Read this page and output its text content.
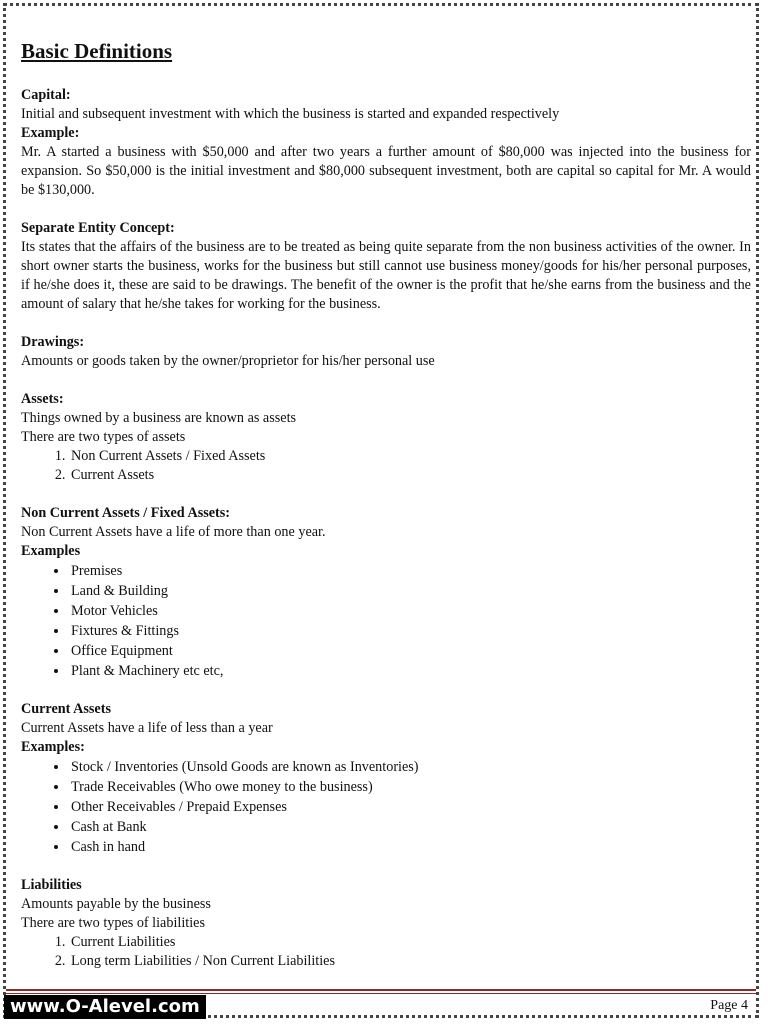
Basic Definitions

Capital:

Initial and subsequent investment with which the business is started and expanded respectively

Example:

Mr. A started a business with $50,000 and after two years a further amount of $80,000 was injected into the business for expansion. So $50,000 is the initial investment and $80,000 subsequent investment, both are capital so capital for Mr. A would be $130,000.

Separate Entity Concept:

Its states that the affairs of the business are to be treated as being quite separate from the non business activities of the owner. In short owner starts the business, works for the business but still cannot use business money/goods for his/her personal purposes, if he/she does it, these are said to be drawings. The benefit of the owner is the profit that he/she earns from the business and the amount of salary that he/she takes for working for the business.

Drawings:

Amounts or goods taken by the owner/proprietor for his/her personal use

Assets:

Things owned by a business are known as assets

There are two types of assets

1. Non Current Assets / Fixed Assets
2. Current Assets

Non Current Assets / Fixed Assets:

Non Current Assets have a life of more than one year.

Examples

• Premises
• Land & Building
• Motor Vehicles
• Fixtures & Fittings
• Office Equipment
• Plant & Machinery etc etc,

Current Assets

Current Assets have a life of less than a year

Examples:

• Stock / Inventories (Unsold Goods are known as Inventories)
• Trade Receivables (Who owe money to the business)
• Other Receivables / Prepaid Expenses
• Cash at Bank
• Cash in hand

Liabilities

Amounts payable by the business

There are two types of liabilities

1. Current Liabilities
2. Long term Liabilities / Non Current Liabilities
www.O-Alevel.com	Page 4
